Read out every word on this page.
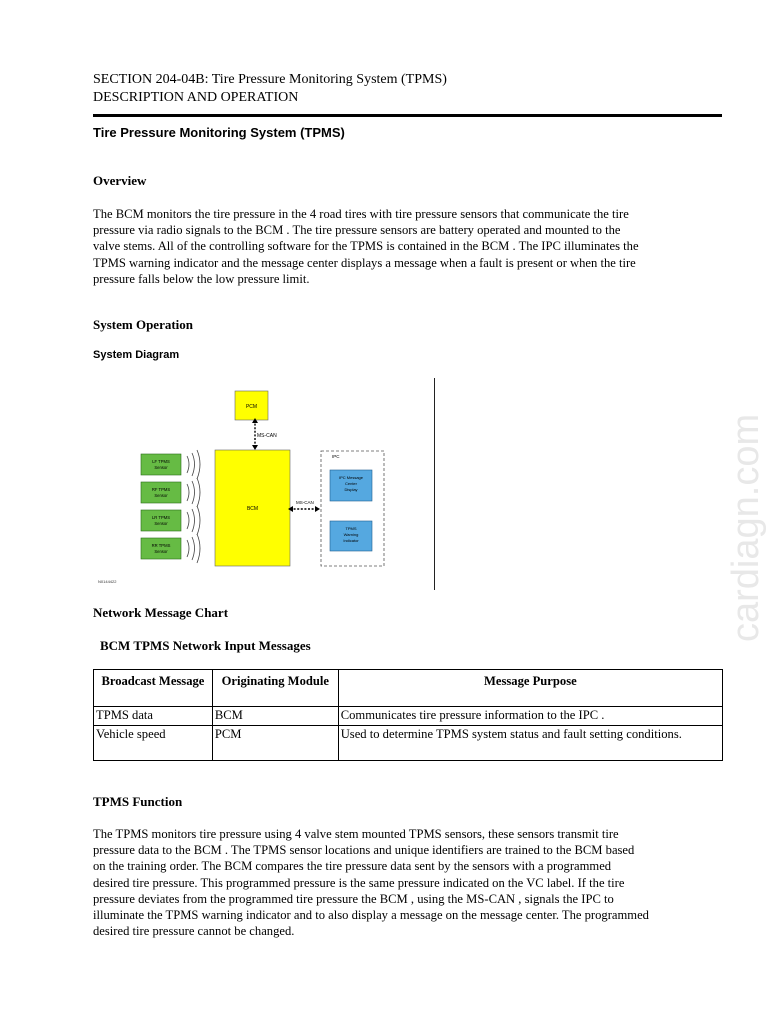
SECTION 204-04B: Tire Pressure Monitoring System (TPMS)
DESCRIPTION AND OPERATION
Tire Pressure Monitoring System (TPMS)
Overview
The BCM monitors the tire pressure in the 4 road tires with tire pressure sensors that communicate the tire
pressure via radio signals to the BCM . The tire pressure sensors are battery operated and mounted to the
valve stems. All of the controlling software for the TPMS is contained in the BCM . The IPC illuminates the
TPMS warning indicator and the message center displays a message when a fault is present or when the tire
pressure falls below the low pressure limit.
System Operation
System Diagram
PCM
MS-CAN
BCM
LF TPMS
Sensor
RF TPMS
Sensor
LR TPMS
Sensor
RR TPMS
Sensor
MS-CAN
IPC
IPC Message
Center
Display
TPMS
Warning
Indicator
N0144422
Network Message Chart
BCM TPMS Network Input Messages
Broadcast Message	Originating Module	Message Purpose
TPMS data	BCM	Communicates tire pressure information to the IPC .
Vehicle speed	PCM	Used to determine TPMS system status and fault setting conditions.
TPMS Function
The TPMS monitors tire pressure using 4 valve stem mounted TPMS sensors, these sensors transmit tire
pressure data to the BCM . The TPMS sensor locations and unique identifiers are trained to the BCM based
on the training order. The BCM compares the tire pressure data sent by the sensors with a programmed
desired tire pressure. This programmed pressure is the same pressure indicated on the VC label. If the tire
pressure deviates from the programmed tire pressure the BCM , using the MS-CAN , signals the IPC to
illuminate the TPMS warning indicator and to also display a message on the message center. The programmed
desired tire pressure cannot be changed.
cardiagn.com
